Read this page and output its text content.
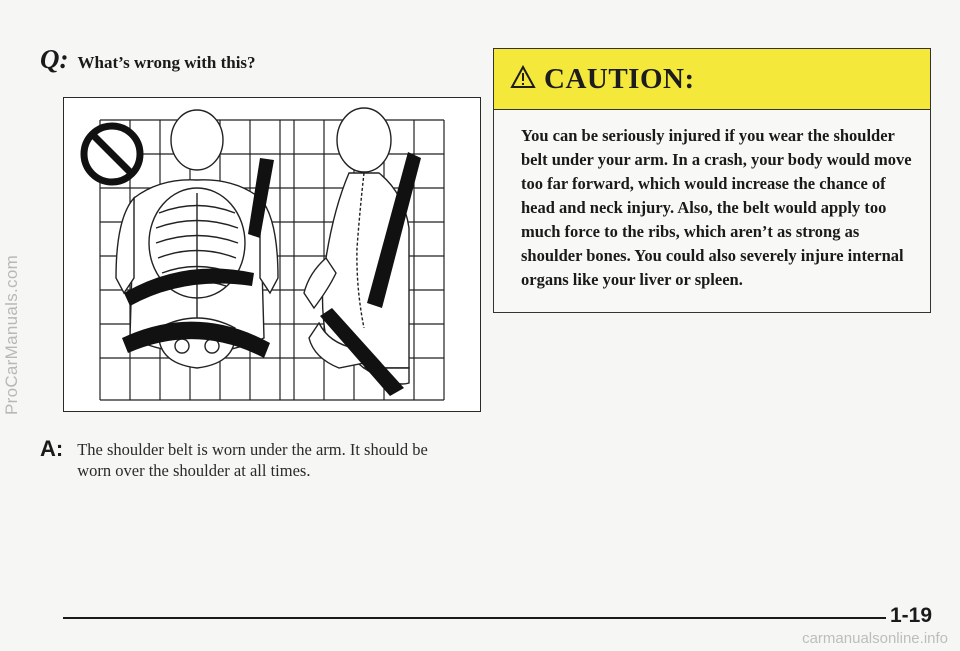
ProCarManuals.com
Q: What’s wrong with this?
A: The shoulder belt is worn under the arm. It should be worn over the shoulder at all times.
CAUTION:
You can be seriously injured if you wear the shoulder belt under your arm. In a crash, your body would move too far forward, which would increase the chance of head and neck injury. Also, the belt would apply too much force to the ribs, which aren’t as strong as shoulder bones. You could also severely injure internal organs like your liver or spleen.
1-19
carmanualsonline.info
